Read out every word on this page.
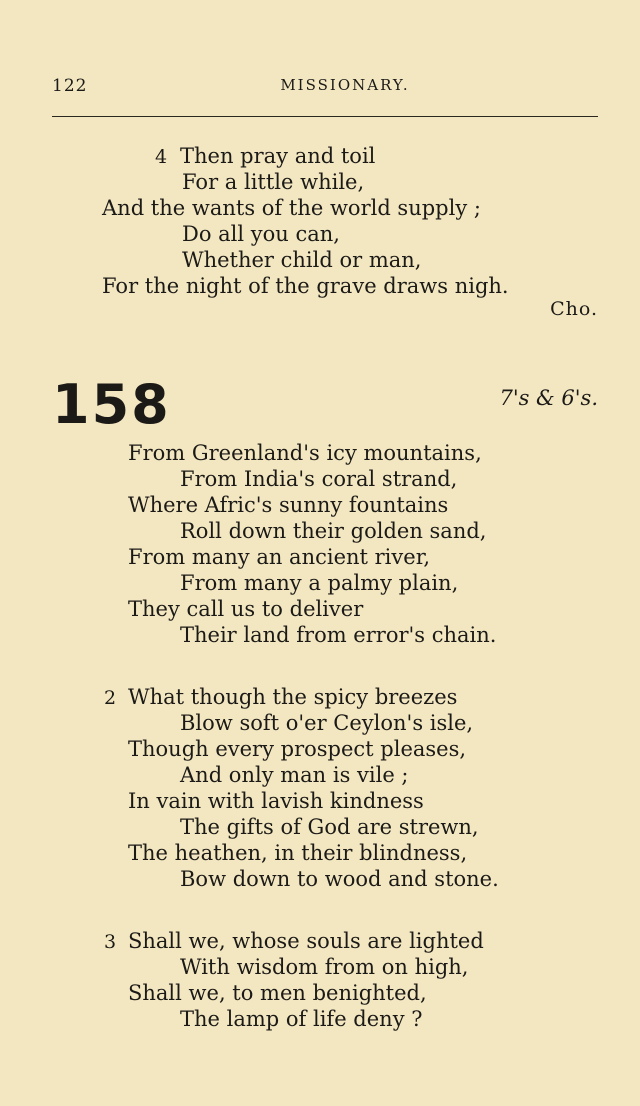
122	MISSIONARY.
4 Then pray and toil
For a little while,
And the wants of the world supply ;
Do all you can,
Whether child or man,
For the night of the grave draws nigh.
Cho.
158	7's & 6's.
From Greenland's icy mountains,
From India's coral strand,
Where Afric's sunny fountains
Roll down their golden sand,
From many an ancient river,
From many a palmy plain,
They call us to deliver
Their land from error's chain.
2 What though the spicy breezes
Blow soft o'er Ceylon's isle,
Though every prospect pleases,
And only man is vile ;
In vain with lavish kindness
The gifts of God are strewn,
The heathen, in their blindness,
Bow down to wood and stone.
3 Shall we, whose souls are lighted
With wisdom from on high,
Shall we, to men benighted,
The lamp of life deny ?
